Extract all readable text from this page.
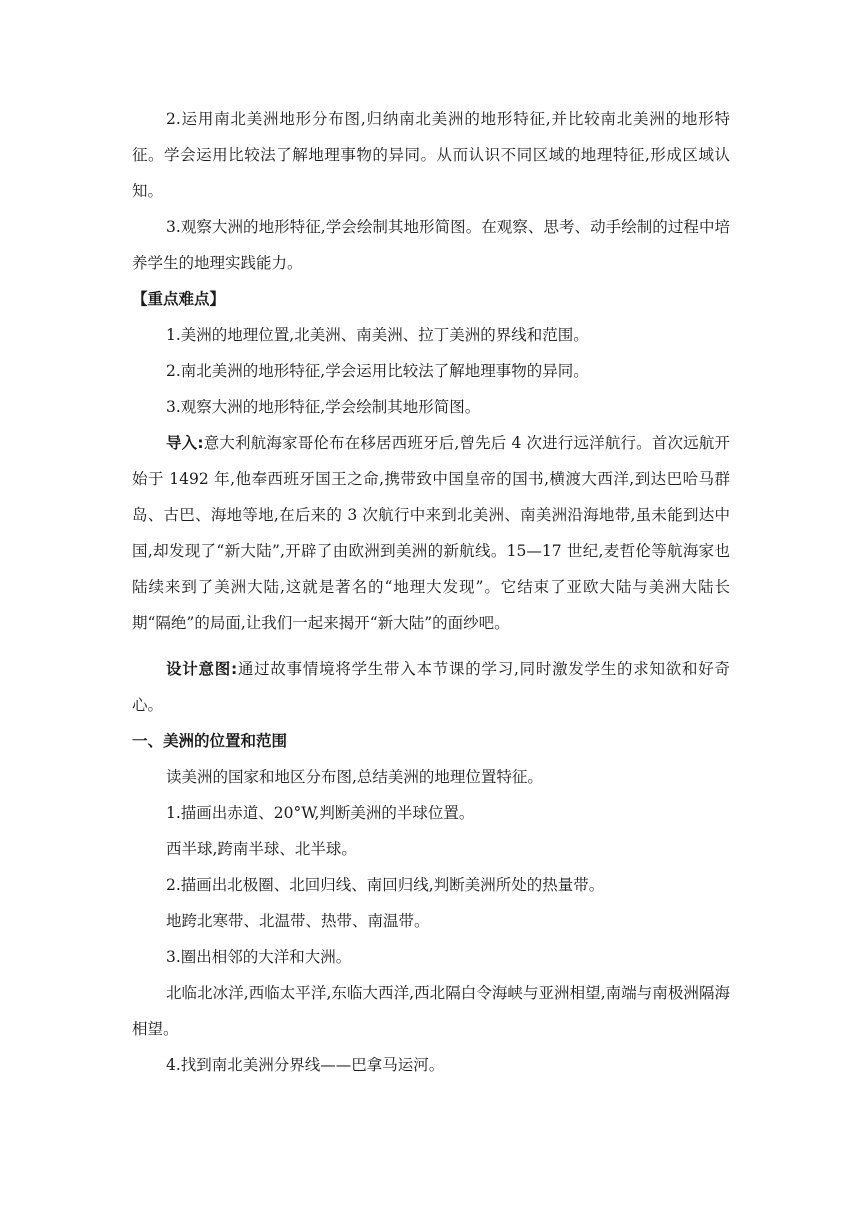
2.运用南北美洲地形分布图,归纳南北美洲的地形特征,并比较南北美洲的地形特征。学会运用比较法了解地理事物的异同。从而认识不同区域的地理特征,形成区域认知。

3.观察大洲的地形特征,学会绘制其地形简图。在观察、思考、动手绘制的过程中培养学生的地理实践能力。

【重点难点】

1.美洲的地理位置,北美洲、南美洲、拉丁美洲的界线和范围。

2.南北美洲的地形特征,学会运用比较法了解地理事物的异同。

3.观察大洲的地形特征,学会绘制其地形简图。

导入:意大利航海家哥伦布在移居西班牙后,曾先后 4 次进行远洋航行。首次远航开始于 1492 年,他奉西班牙国王之命,携带致中国皇帝的国书,横渡大西洋,到达巴哈马群岛、古巴、海地等地,在后来的 3 次航行中来到北美洲、南美洲沿海地带,虽未能到达中国,却发现了“新大陆”,开辟了由欧洲到美洲的新航线。15—17 世纪,麦哲伦等航海家也陆续来到了美洲大陆,这就是著名的“地理大发现”。它结束了亚欧大陆与美洲大陆长期“隔绝”的局面,让我们一起来揭开“新大陆”的面纱吧。

设计意图:通过故事情境将学生带入本节课的学习,同时激发学生的求知欲和好奇心。

一、美洲的位置和范围

读美洲的国家和地区分布图,总结美洲的地理位置特征。

1.描画出赤道、20°W,判断美洲的半球位置。

西半球,跨南半球、北半球。

2.描画出北极圈、北回归线、南回归线,判断美洲所处的热量带。

地跨北寒带、北温带、热带、南温带。

3.圈出相邻的大洋和大洲。

北临北冰洋,西临太平洋,东临大西洋,西北隔白令海峡与亚洲相望,南端与南极洲隔海相望。

4.找到南北美洲分界线——巴拿马运河。
